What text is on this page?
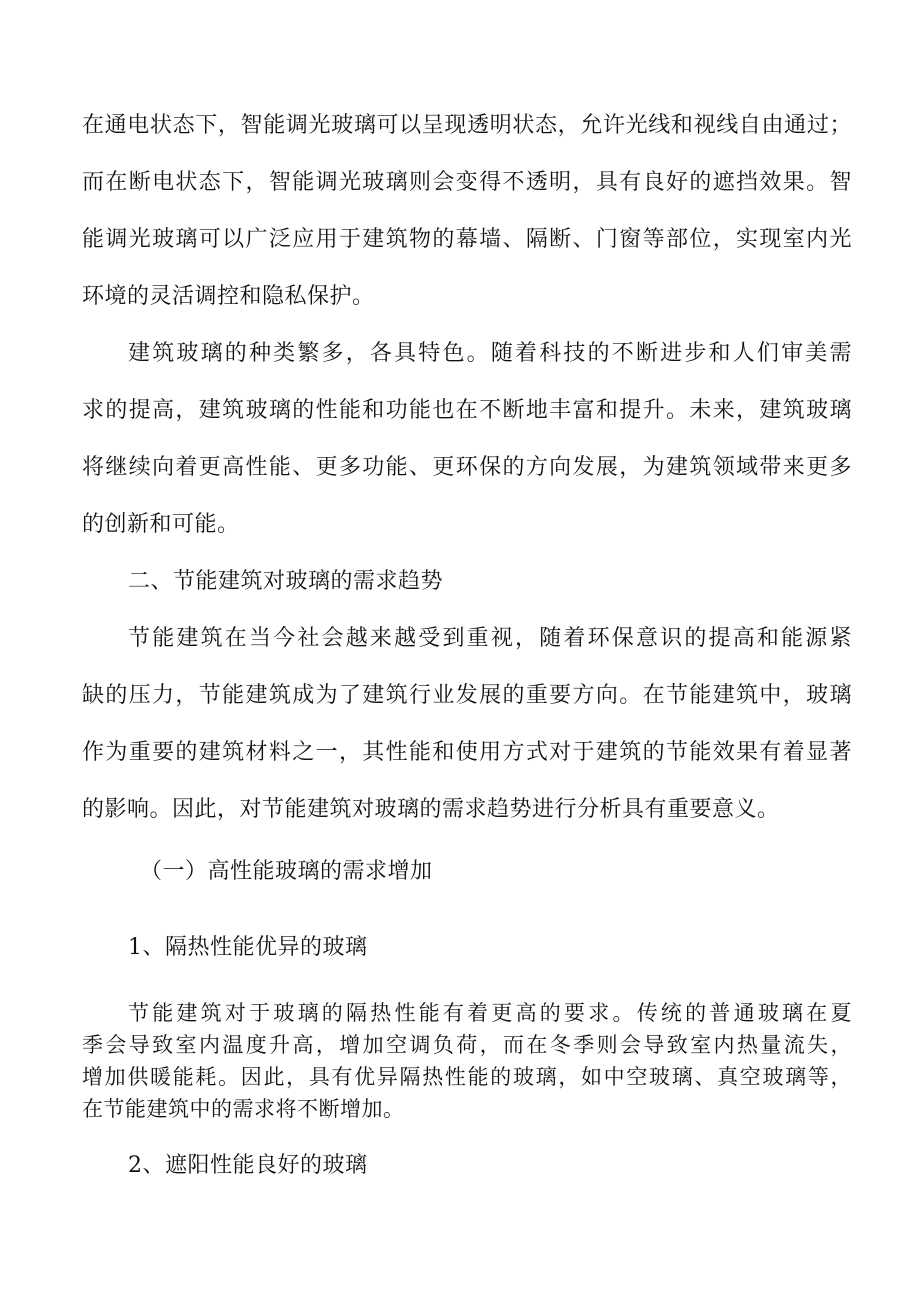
在通电状态下，智能调光玻璃可以呈现透明状态，允许光线和视线自由通过；
而在断电状态下，智能调光玻璃则会变得不透明，具有良好的遮挡效果。智
能调光玻璃可以广泛应用于建筑物的幕墙、隔断、门窗等部位，实现室内光
环境的灵活调控和隐私保护。
建筑玻璃的种类繁多，各具特色。随着科技的不断进步和人们审美需
求的提高，建筑玻璃的性能和功能也在不断地丰富和提升。未来，建筑玻璃
将继续向着更高性能、更多功能、更环保的方向发展，为建筑领域带来更多
的创新和可能。
二、节能建筑对玻璃的需求趋势
节能建筑在当今社会越来越受到重视，随着环保意识的提高和能源紧
缺的压力，节能建筑成为了建筑行业发展的重要方向。在节能建筑中，玻璃
作为重要的建筑材料之一，其性能和使用方式对于建筑的节能效果有着显著
的影响。因此，对节能建筑对玻璃的需求趋势进行分析具有重要意义。
（一）高性能玻璃的需求增加
1、隔热性能优异的玻璃
节能建筑对于玻璃的隔热性能有着更高的要求。传统的普通玻璃在夏
季会导致室内温度升高，增加空调负荷，而在冬季则会导致室内热量流失，
增加供暖能耗。因此，具有优异隔热性能的玻璃，如中空玻璃、真空玻璃等，
在节能建筑中的需求将不断增加。
2、遮阳性能良好的玻璃
